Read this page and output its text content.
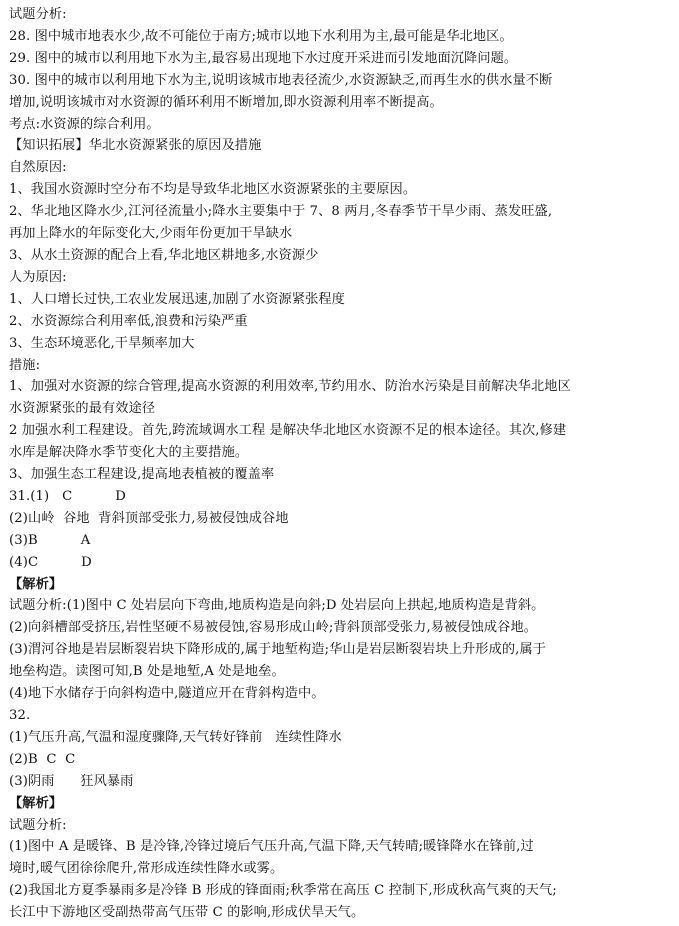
试题分析:
28. 图中城市地表水少,故不可能位于南方;城市以地下水利用为主,最可能是华北地区。
29. 图中的城市以利用地下水为主,最容易出现地下水过度开采进而引发地面沉降问题。
30. 图中的城市以利用地下水为主,说明该城市地表径流少,水资源缺乏,而再生水的供水量不断
增加,说明该城市对水资源的循环利用不断增加,即水资源利用率不断提高。
考点:水资源的综合利用。
【知识拓展】华北水资源紧张的原因及措施
自然原因:
1、我国水资源时空分布不均是导致华北地区水资源紧张的主要原因。
2、华北地区降水少,江河径流量小;降水主要集中于 7、8 两月,冬春季节干旱少雨、蒸发旺盛,
再加上降水的年际变化大,少雨年份更加干旱缺水
3、从水土资源的配合上看,华北地区耕地多,水资源少
人为原因:
1、人口增长过快,工农业发展迅速,加剧了水资源紧张程度
2、水资源综合利用率低,浪费和污染严重
3、生态环境恶化,干旱频率加大
措施:
1、加强对水资源的综合管理,提高水资源的利用效率,节约用水、防治水污染是目前解决华北地区
水资源紧张的最有效途径
2 加强水利工程建设。首先,跨流域调水工程 是解决华北地区水资源不足的根本途径。其次,修建
水库是解决降水季节变化大的主要措施。
3、加强生态工程建设,提高地表植被的覆盖率
31.(1)   C          D
(2)山岭  谷地  背斜顶部受张力,易被侵蚀成谷地
(3)B          A
(4)C          D
【解析】
试题分析:(1)图中 C 处岩层向下弯曲,地质构造是向斜;D 处岩层向上拱起,地质构造是背斜。
(2)向斜槽部受挤压,岩性坚硬不易被侵蚀,容易形成山岭;背斜顶部受张力,易被侵蚀成谷地。
(3)渭河谷地是岩层断裂岩块下降形成的,属于地堑构造;华山是岩层断裂岩块上升形成的,属于
地垒构造。读图可知,B 处是地堑,A 处是地垒。
(4)地下水储存于向斜构造中,隧道应开在背斜构造中。
32.
(1)气压升高,气温和湿度骤降,天气转好锋前   连续性降水
(2)B  C  C
(3)阴雨      狂风暴雨
【解析】
试题分析:
(1)图中 A 是暖锋、B 是冷锋,冷锋过境后气压升高,气温下降,天气转晴;暖锋降水在锋前,过
境时,暖气团徐徐爬升,常形成连续性降水或雾。
(2)我国北方夏季暴雨多是冷锋 B 形成的锋面雨;秋季常在高压 C 控制下,形成秋高气爽的天气;
长江中下游地区受副热带高气压带 C 的影响,形成伏旱天气。
